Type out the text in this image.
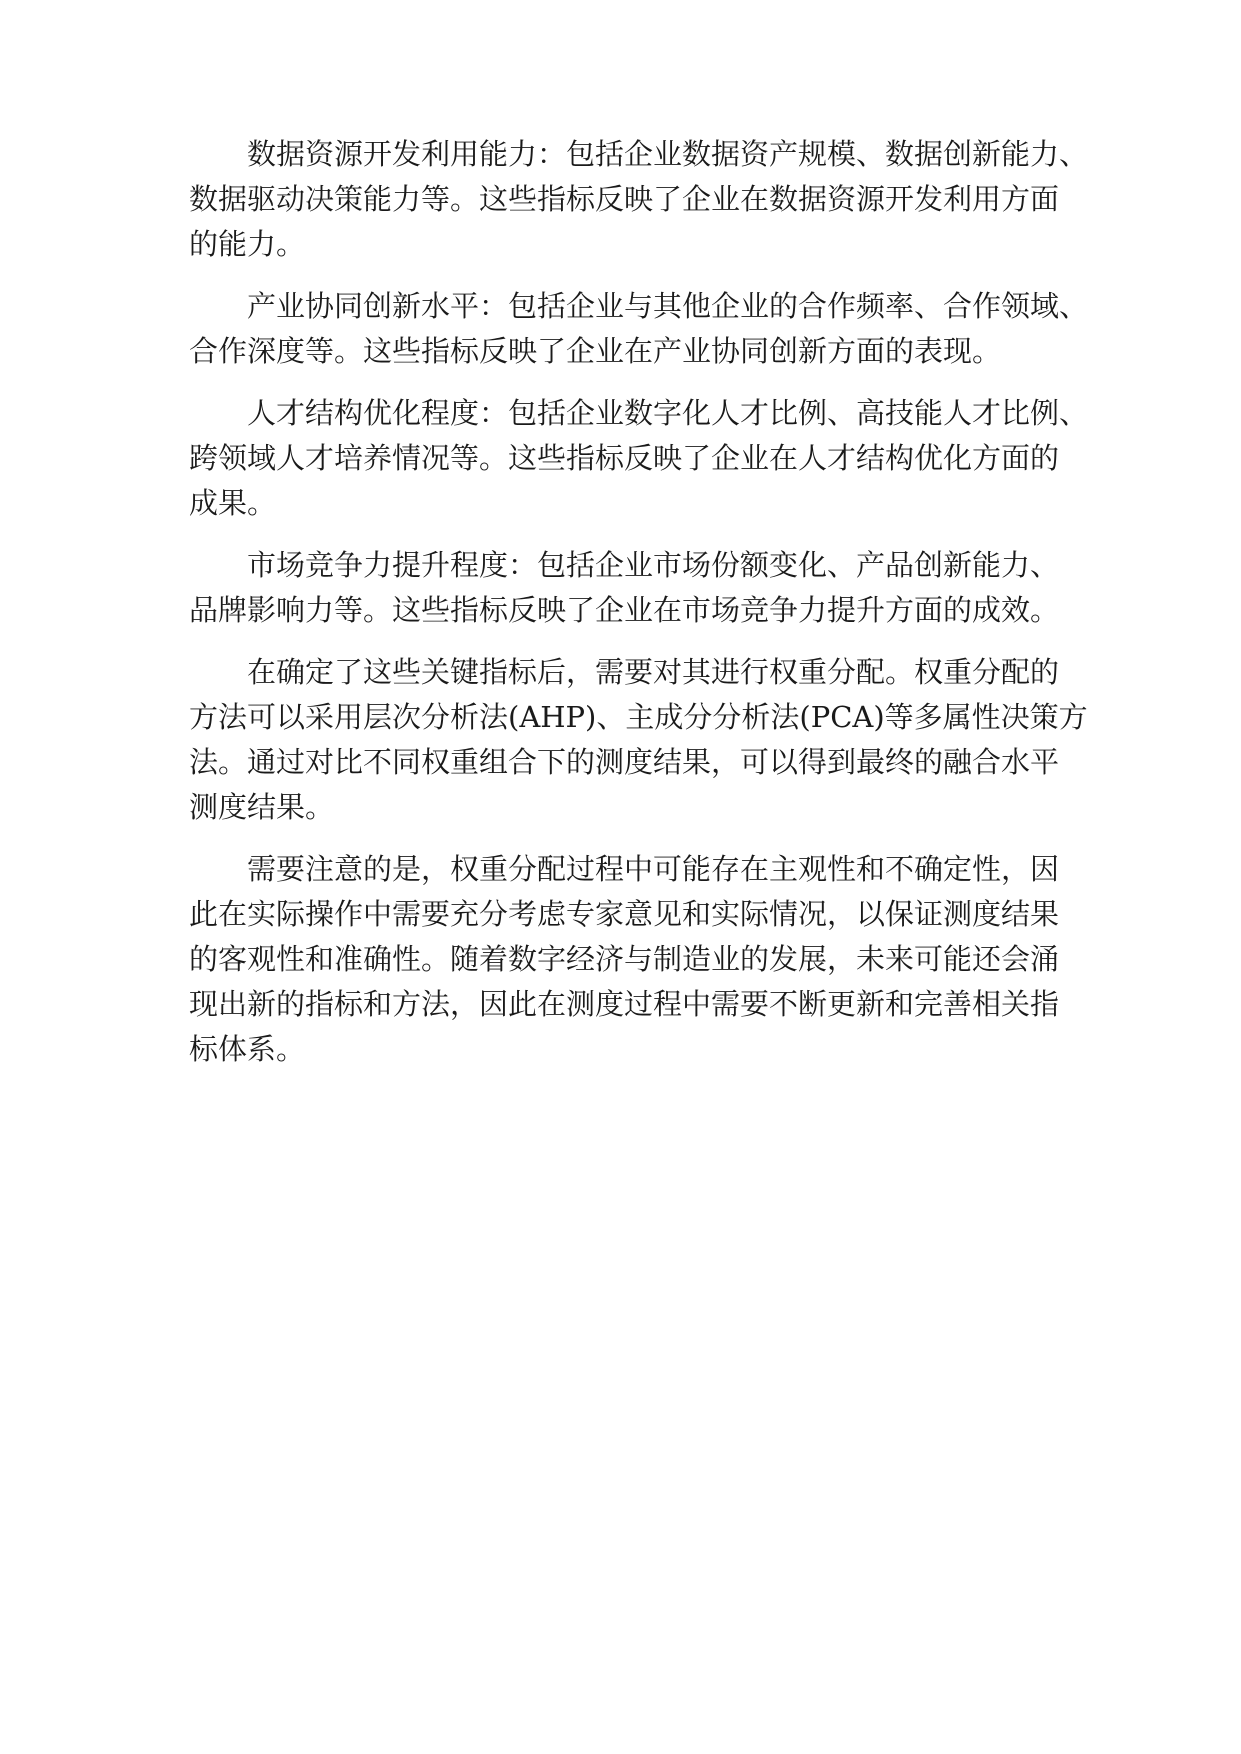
数据资源开发利用能力：包括企业数据资产规模、数据创新能力、
数据驱动决策能力等。这些指标反映了企业在数据资源开发利用方面
的能力。

产业协同创新水平：包括企业与其他企业的合作频率、合作领域、
合作深度等。这些指标反映了企业在产业协同创新方面的表现。

人才结构优化程度：包括企业数字化人才比例、高技能人才比例、
跨领域人才培养情况等。这些指标反映了企业在人才结构优化方面的
成果。

市场竞争力提升程度：包括企业市场份额变化、产品创新能力、
品牌影响力等。这些指标反映了企业在市场竞争力提升方面的成效。

在确定了这些关键指标后，需要对其进行权重分配。权重分配的
方法可以采用层次分析法(AHP)、主成分分析法(PCA)等多属性决策方
法。通过对比不同权重组合下的测度结果，可以得到最终的融合水平
测度结果。

需要注意的是，权重分配过程中可能存在主观性和不确定性，因
此在实际操作中需要充分考虑专家意见和实际情况，以保证测度结果
的客观性和准确性。随着数字经济与制造业的发展，未来可能还会涌
现出新的指标和方法，因此在测度过程中需要不断更新和完善相关指
标体系。
